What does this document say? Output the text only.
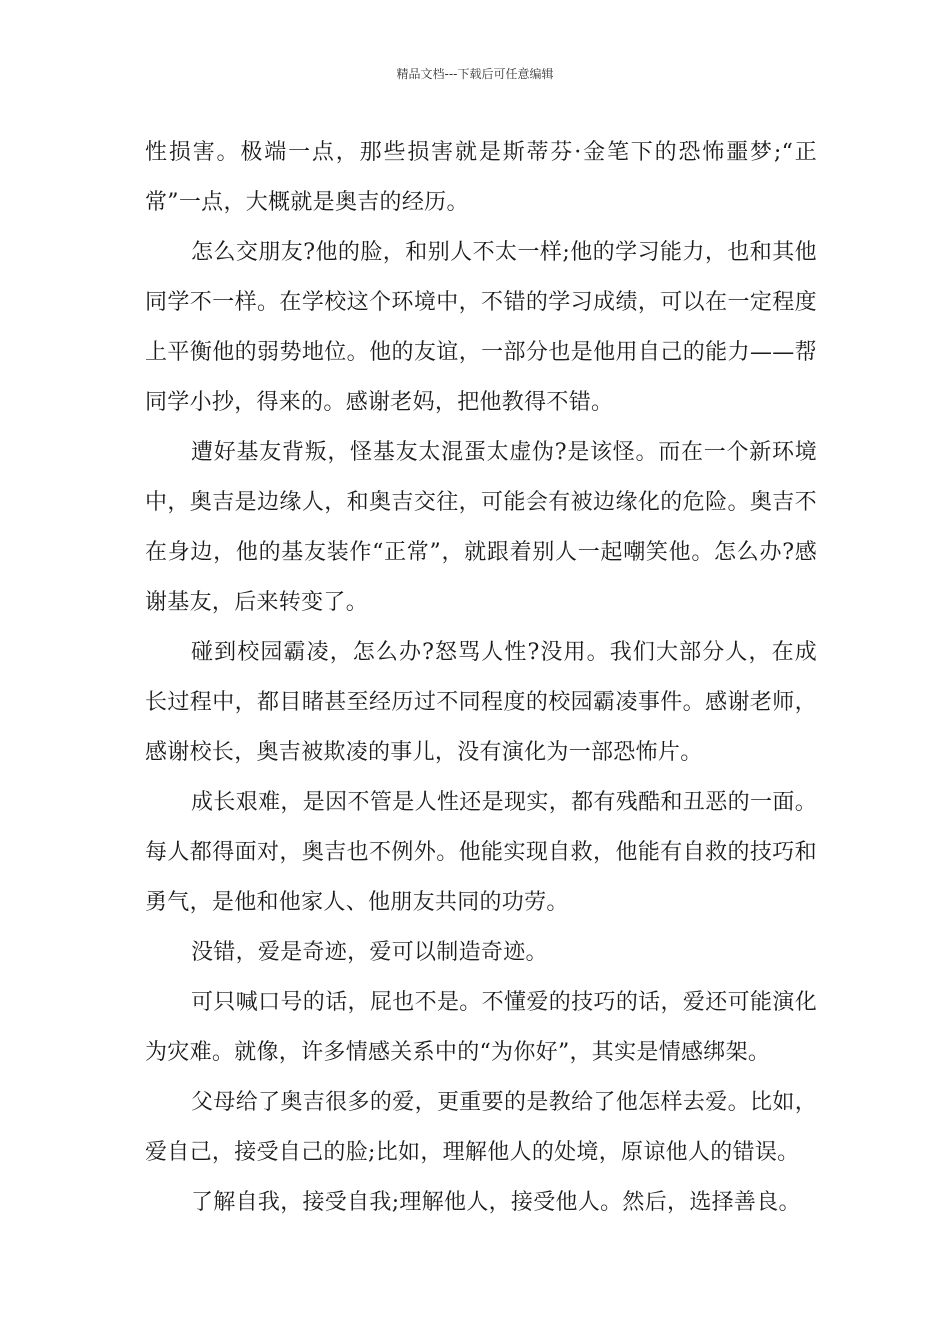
精品文档---下载后可任意编辑

性损害。极端一点，那些损害就是斯蒂芬·金笔下的恐怖噩梦;“正常”一点，大概就是奥吉的经历。

怎么交朋友?他的脸，和别人不太一样;他的学习能力，也和其他同学不一样。在学校这个环境中，不错的学习成绩，可以在一定程度上平衡他的弱势地位。他的友谊，一部分也是他用自己的能力——帮同学小抄，得来的。感谢老妈，把他教得不错。

遭好基友背叛，怪基友太混蛋太虚伪?是该怪。而在一个新环境中，奥吉是边缘人，和奥吉交往，可能会有被边缘化的危险。奥吉不在身边，他的基友装作“正常”，就跟着别人一起嘲笑他。怎么办?感谢基友，后来转变了。

碰到校园霸凌，怎么办?怒骂人性?没用。我们大部分人，在成长过程中，都目睹甚至经历过不同程度的校园霸凌事件。感谢老师，感谢校长，奥吉被欺凌的事儿，没有演化为一部恐怖片。

成长艰难，是因不管是人性还是现实，都有残酷和丑恶的一面。每人都得面对，奥吉也不例外。他能实现自救，他能有自救的技巧和勇气，是他和他家人、他朋友共同的功劳。

没错，爱是奇迹，爱可以制造奇迹。

可只喊口号的话，屁也不是。不懂爱的技巧的话，爱还可能演化为灾难。就像，许多情感关系中的“为你好”，其实是情感绑架。

父母给了奥吉很多的爱，更重要的是教给了他怎样去爱。比如，爱自己，接受自己的脸;比如，理解他人的处境，原谅他人的错误。

了解自我，接受自我;理解他人，接受他人。然后，选择善良。
